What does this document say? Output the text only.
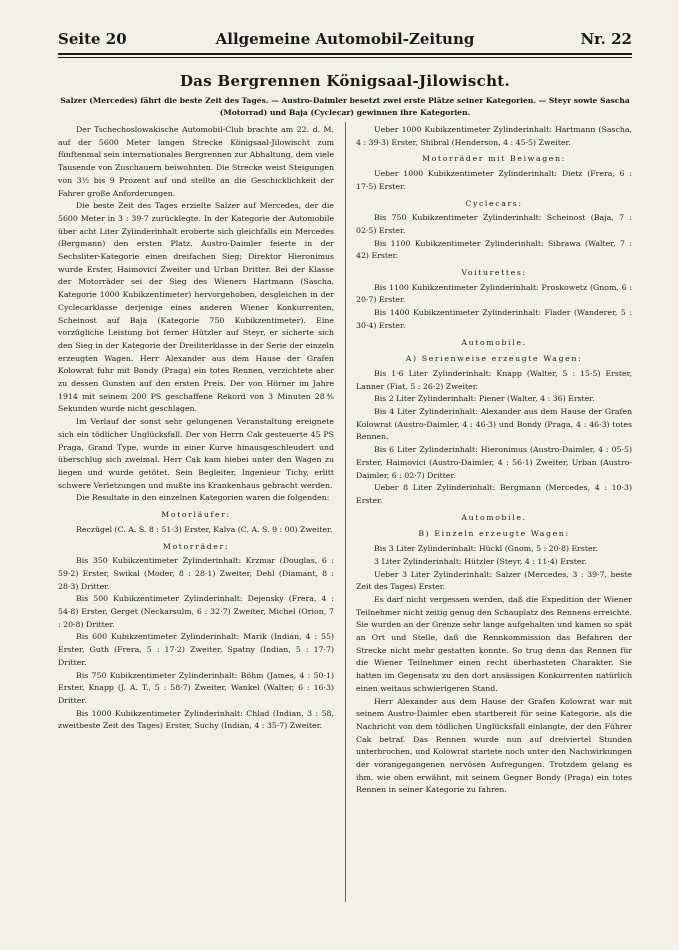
Seite 20	Allgemeine Automobil-Zeitung	Nr. 22
Das Bergrennen Königsaal-Jilowischt.
Salzer (Mercedes) fährt die beste Zeit des Tages. — Austro-Daimler besetzt zwei erste Plätze seiner Kategorien. — Steyr sowie Sascha (Motorrad) und Baja (Cyclecar) gewinnen ihre Kategorien.

Der Tschechoslowakische Automobil-Club brachte am 22. d. M. auf der 5600 Meter langen Strecke Königsaal-Jilowischt zum fünftenmal sein internationales Bergrennen zur Abhaltung, dem viele Tausende von Zuschauern beiwohnten. Die Strecke weist Steigungen von 3½ bis 9 Prozent auf und stellte an die Geschicklichkeit der Fahrer große Anforderungen.

Die beste Zeit des Tages erzielte Salzer auf Mercedes, der die 5600 Meter in 3 : 39·7 zurücklegte. In der Kategorie der Automobile über acht Liter Zylinderinhalt eroberte sich gleichfalls ein Mercedes (Bergmann) den ersten Platz. Austro-Daimler feierte in der Sechsliter-Kategorie einen dreifachen Sieg; Direktor Hieronimus wurde Erster, Haimovici Zweiter und Urban Dritter. Bei der Klasse der Motorräder sei der Sieg des Wieners Hartmann (Sascha, Kategorie 1000 Kubikzentimeter) hervorgehoben, desgleichen in der Cyclecarklasse derjenige eines anderen Wiener Konkurrenten, Scheinost auf Baja (Kategorie 750 Kubikzentimeter). Eine vorzügliche Leistung bot ferner Hützler auf Steyr, er sicherte sich den Sieg in der Kategorie der Dreiliterklasse in der Serie der einzeln erzeugten Wagen. Herr Alexander aus dem Hause der Grafen Kolowrat fuhr mit Bondy (Praga) ein totes Rennen, verzichtete aber zu dessen Gunsten auf den ersten Preis. Der von Hörner im Jahre 1914 mit seinem 200 PS geschaffene Rekord von 3 Minuten 28⅘ Sekunden wurde nicht geschlagen.

Im Verlauf der sonst sehr gelungenen Veranstaltung ereignete sich ein tödlicher Unglücksfall. Der von Herrn Cak gesteuerte 45 PS Praga, Grand Type, wurde in einer Kurve hinausgeschleudert und überschlug sich zweimal. Herr Cak kam hiebei unter den Wagen zu liegen und wurde getötet. Sein Begleiter, Ingenieur Tichy, erlitt schwere Verletzungen und mußte ins Krankenhaus gebracht werden.

Die Resultate in den einzelnen Kategorien waren die folgenden:

Motorläufer:

Reczügel (C. A. S. 8 : 51·3) Erster, Kalva (C. A. S. 9 : 00) Zweiter.

Motorräder:

Bis 350 Kubikzentimeter Zylinderinhalt: Krzmar (Douglas, 6 : 59·2) Erster, Swikal (Moder, 8 : 28·1) Zweiter, Dehl (Diamant, 8 : 28·3) Dritter.

Bis 500 Kubikzentimeter Zylinderinhalt: Dejensky (Frera, 4 : 54·8) Erster, Gerget (Neckarsulm, 6 : 32·7) Zweiter, Michel (Orion, 7 : 20·8) Dritter.

Bis 600 Kubikzentimeter Zylinderinhalt: Marik (Indian, 4 : 55) Erster, Guth (Frera, 5 : 17·2) Zweiter, Spatny (Indian, 5 : 17·7) Dritter.

Bis 750 Kubikzentimeter Zylinderinhalt: Böhm (James, 4 : 50·1) Erster, Knapp (J. A. T., 5 : 58·7) Zweiter, Wankel (Walter, 6 : 16·3) Dritter.

Bis 1000 Kubikzentimeter Zylinderinhalt: Chlad (Indian, 3 : 58, zweitbeste Zeit des Tages) Erster, Suchy (Indian, 4 : 35·7) Zweiter.

Ueber 1000 Kubikzentimeter Zylinderinhalt: Hartmann (Sascha, 4 : 39·3) Erster, Shibral (Henderson, 4 : 45·5) Zweiter.

Motorräder mit Beiwagen:

Ueber 1000 Kubikzentimeter Zylinderinhalt: Dietz (Frera, 6 : 17·5) Erster.

Cyclecars:

Bis 750 Kubikzentimeter Zylinderinhalt: Scheinost (Baja, 7 : 02·5) Erster.

Bis 1100 Kubikzentimeter Zylinderinhalt: Sibrawa (Walter, 7 : 42) Erster.

Voiturettes:

Bis 1100 Kubikzentimeter Zylinderinhalt: Proskowetz (Gnom, 6 : 20·7) Erster.

Bis 1400 Kubikzentimeter Zylinderinhalt: Flader (Wanderer, 5 : 30·4) Erster.

Automobile.

A) Serienweise erzeugte Wagen:

Bis 1·6 Liter Zylinderinhalt: Knapp (Walter, 5 : 15·5) Erster, Lanner (Fiat, 5 : 26·2) Zweiter.

Bis 2 Liter Zylinderinhalt: Piener (Walter, 4 : 36) Erster.

Bis 4 Liter Zylinderinhalt: Alexander aus dem Hause der Grafen Kolowrat (Austro-Daimler, 4 : 46·3) und Bondy (Praga, 4 : 46·3) totes Rennen.

Bis 6 Liter Zylinderinhalt: Hieronimus (Austro-Daimler, 4 : 05·5) Erster, Haimovici (Austro-Daimler, 4 : 56·1) Zweiter, Urban (Austro-Daimler, 6 : 02·7) Dritter.

Ueber 8 Liter Zylinderinhalt: Bergmann (Mercedes, 4 : 10·3) Erster.

Automobile.

B) Einzeln erzeugte Wagen:

Bis 3 Liter Zylinderinhalt: Hückl (Gnom, 5 : 20·8) Erster.

3 Liter Zylinderinhalt: Hützler (Steyr, 4 : 11·4) Erster.

Ueber 3 Liter Zylinderinhalt: Salzer (Mercedes, 3 : 39·7, beste Zeit des Tages) Erster.

Es darf nicht vergessen werden, daß die Expedition der Wiener Teilnehmer nicht zeitig genug den Schauplatz des Rennens erreichte. Sie wurden an der Grenze sehr lange aufgehalten und kamen so spät an Ort und Stelle, daß die Rennkommission das Befahren der Strecke nicht mehr gestatten konnte. So trug denn das Rennen für die Wiener Teilnehmer einen recht überhasteten Charakter. Sie hatten im Gegensatz zu den dort ansässigen Konkurrenten natürlich einen weitaus schwierigeren Stand.

Herr Alexander aus dem Hause der Grafen Kolowrat war mit seinem Austro-Daimler eben startbereit für seine Kategorie, als die Nachricht von dem tödlichen Unglücksfall einlangte, der den Führer Cak betraf. Das Rennen wurde nun auf dreiviertel Stunden unterbrochen, und Kolowrat startete noch unter den Nachwirkungen der vorangegangenen nervösen Aufregungen. Trotzdem gelang es ihm, wie oben erwähnt, mit seinem Gegner Bondy (Praga) ein totes Rennen in seiner Kategorie zu fahren.
